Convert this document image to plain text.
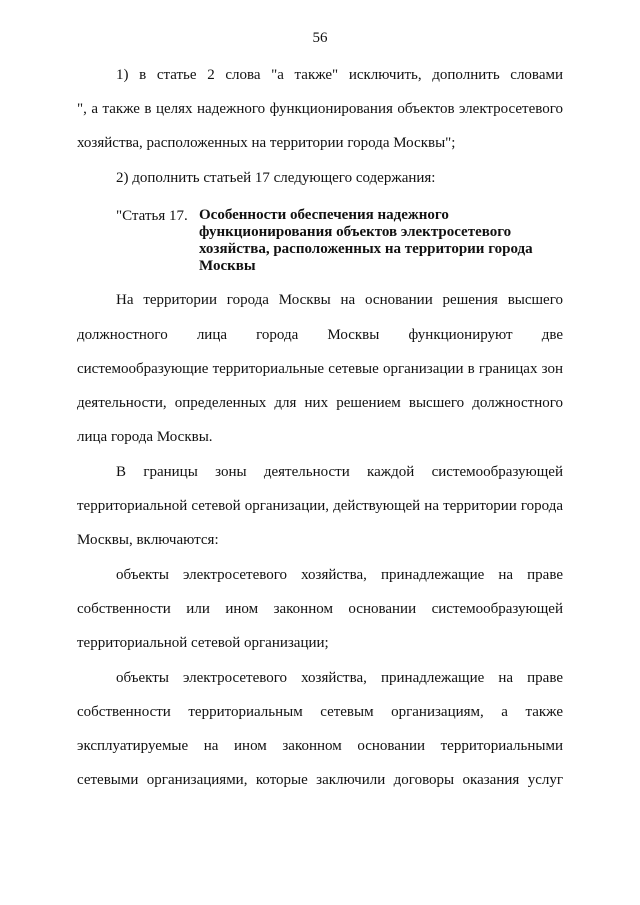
56
1) в статье 2 слова "а также" исключить, дополнить словами
", а также в целях надежного функционирования объектов электросетевого
хозяйства, расположенных на территории города Москвы";
2) дополнить статьей 17 следующего содержания:
"Статья 17. Особенности обеспечения надежного
функционирования объектов электросетевого
хозяйства, расположенных на территории города
Москвы
На территории города Москвы на основании решения высшего
должностного лица города Москвы функционируют две
системообразующие территориальные сетевые организации в границах зон
деятельности, определенных для них решением высшего должностного
лица города Москвы.
В границы зоны деятельности каждой системообразующей
территориальной сетевой организации, действующей на территории города
Москвы, включаются:
объекты электросетевого хозяйства, принадлежащие на праве
собственности или ином законном основании системообразующей
территориальной сетевой организации;
объекты электросетевого хозяйства, принадлежащие на праве
собственности территориальным сетевым организациям, а также
эксплуатируемые на ином законном основании территориальными
сетевыми организациями, которые заключили договоры оказания услуг
